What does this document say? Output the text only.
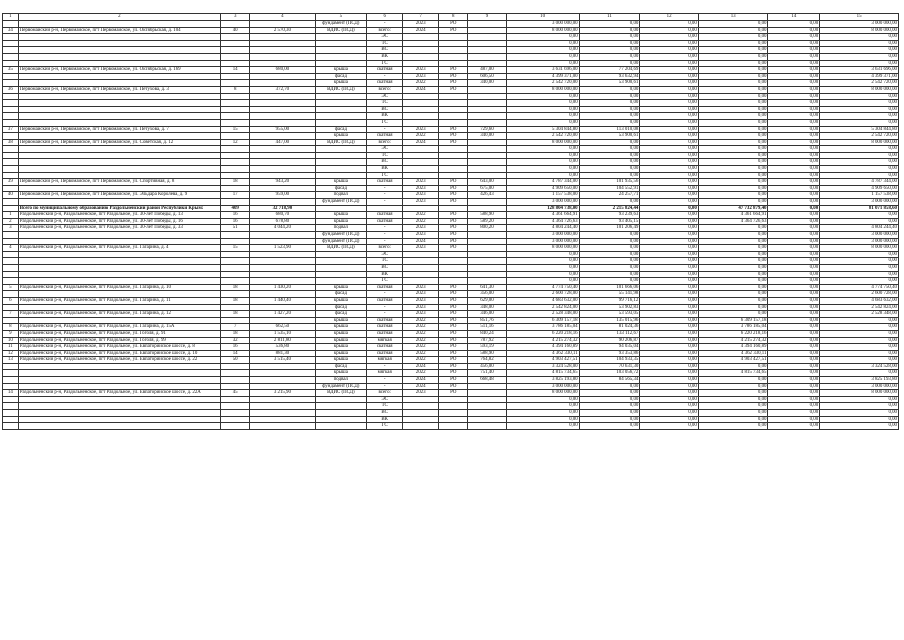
1	2	3	4	5	6	7	8	9	10	11	12	13	14	15
				фундамент (ПСД)	-	2023	РО		3 000 000,00	0,00	0,00	0,00	0,00	3 000 000,00
34	Первомайский р-н, Первомайское, пгт Первомайское, ул. Октябрьская, д. 104	40	2 570,30	ВДИС (ПСД)	всего:	2024	РО		8 000 000,00	0,00	0,00	0,00	0,00	8 000 000,00
					ЭС				0,00	0,00	0,00	0,00	0,00	0,00
					ТС				0,00	0,00	0,00	0,00	0,00	0,00
					ВС				0,00	0,00	0,00	0,00	0,00	0,00
					ВК				0,00	0,00	0,00	0,00	0,00	0,00
					ГС				0,00	0,00	0,00	0,00	0,00	0,00
35	Первомайский р-н, Первомайское, пгт Первомайское, ул. Октябрьская, д. 169	14	680,00	крыша	скатная	2023	РО	487,00	3 631 696,00	77 204,69	0,00	0,00	0,00	3 631 696,00
				фасад	-	2023	РО	606,50	4 399 371,00	93 632,94	0,00	0,00	0,00	4 399 371,00
				крыша	скатная	2022	РО	340,00	2 542 720,00	53 900,61	0,00	0,00	0,00	2 542 720,00
36	Первомайский р-н, Первомайское, пгт Первомайское, ул. Петухова, д. 3	8	372,70	ВДИС (ПСД)	всего:	2024	РО		8 000 000,00	0,00	0,00	0,00	0,00	8 000 000,00
					ЭС				0,00	0,00	0,00	0,00	0,00	0,00
					ТС				0,00	0,00	0,00	0,00	0,00	0,00
					ВС				0,00	0,00	0,00	0,00	0,00	0,00
					ВК				0,00	0,00	0,00	0,00	0,00	0,00
					ГС				0,00	0,00	0,00	0,00	0,00	0,00
37	Первомайский р-н, Первомайское, пгт Первомайское, ул. Петухова, д. 7	15	955,00	фасад	-	2023	РО	729,60	5 304 844,80	113 010,08	0,00	0,00	0,00	5 304 844,80
				крыша	скатная	2022	РО	340,00	2 542 720,00	53 900,61	0,00	0,00	0,00	2 542 720,00
38	Первомайский р-н, Первомайское, пгт Первомайское, ул. Советская, д. 12	12	447,00	ВДИС (ПСД)	всего:	2024	РО		8 000 000,00	0,00	0,00	0,00	0,00	8 000 000,00
					ЭС				0,00	0,00	0,00	0,00	0,00	0,00
					ТС				0,00	0,00	0,00	0,00	0,00	0,00
					ВС				0,00	0,00	0,00	0,00	0,00	0,00
					ВК				0,00	0,00	0,00	0,00	0,00	0,00
					ГС				0,00	0,00	0,00	0,00	0,00	0,00
39	Первомайский р-н, Первомайское, пгт Первомайское, ул. Спортивная, д. 8	18	943,20	крыша	скатная	2023	РО	643,00	4 787 344,00	101 935,56	0,00	0,00	0,00	4 787 344,00
				фасад	-	2023	РО	675,00	4 909 650,00	104 552,91	0,00	0,00	0,00	4 909 650,00
40	Первомайский р-н, Первомайское, пгт Первомайское, ул. Эльдара Королева, д. 9	17	959,00	подвал	-	2023	РО	426,43	1 157 538,00	24 257,71	0,00	0,00	0,00	1 157 538,00
				фундамент (ПСД)	-	2023	РО		3 000 000,00	0,00	0,00	0,00	0,00	3 000 000,00
	Всего по муниципальному образованию Раздольненский район Республики Крым:	409	32 718,90						128 804 738,00	2 215 824,44	0,00	47 732 879,40	0,00	81 071 858,60
1	Раздольненский р-н, Раздольненское, пгт Раздольное, ул. 30-лет Победы, д. 13	16	680,70	крыша	скатная	2022	РО	588,90	4 361 664,91	93 239,63	0,00	4 361 664,91	0,00	0,00
2	Раздольненский р-н, Раздольненское, пгт Раздольное, ул. 30-лет Победы, д. 16	16	678,80	крыша	скатная	2022	РО	589,20	4 364 726,63	93 405,15	0,00	4 364 726,63	0,00	0,00
3	Раздольненский р-н, Раздольненское, пгт Раздольное, ул. 30-лет Победы, д. 33	51	4 044,20	подвал	-	2023	РО	800,20	4 804 244,40	101 206,49	0,00	0,00	0,00	4 804 244,40
				фундамент (ПСД)	-	2023	РО		3 000 000,00	0,00	0,00	0,00	0,00	3 000 000,00
				фундамент (ПСД)	-	2024	РО		3 000 000,00	0,00	0,00	0,00	0,00	3 000 000,00
4	Раздольненский р-н, Раздольненское, пгт Раздольное, ул. Гагарина, д. 4	15	1 523,90	ВДИС (ПСД)	всего:	2023	РО		8 000 000,00	0,00	0,00	0,00	0,00	8 000 000,00
					ЭС				0,00	0,00	0,00	0,00	0,00	0,00
					ТС				0,00	0,00	0,00	0,00	0,00	0,00
					ВС				0,00	0,00	0,00	0,00	0,00	0,00
					ВК				0,00	0,00	0,00	0,00	0,00	0,00
					ГС				0,00	0,00	0,00	0,00	0,00	0,00
5	Раздольненский р-н, Раздольненское, пгт Раздольное, ул. Гагарина, д. 10	18	1 430,20	крыша	скатная	2023	РО	641,30	4 774 750,40	101 666,06	0,00	0,00	0,00	4 774 750,40
				фасад	-	2023	РО	356,00	2 600 728,00	55 141,98	0,00	0,00	0,00	2 600 728,00
6	Раздольненский р-н, Раздольненское, пгт Раздольное, ул. Гагарина, д. 11	18	1 440,40	крыша	скатная	2023	РО	629,00	4 683 632,00	99 716,12	0,00	0,00	0,00	4 683 632,00
				фасад	-	2023	РО	348,00	2 542 824,00	53 902,83	0,00	0,00	0,00	2 542 824,00
7	Раздольненский р-н, Раздольненское, пгт Раздольное, ул. Гагарина, д. 12	18	1 427,20	фасад	-	2023	РО	346,00	2 528 348,00	53 593,05	0,00	0,00	0,00	2 528 348,00
				крыша	скатная	2022	РО	851,76	6 309 157,18	135 015,96	0,00	6 309 157,18	0,00	0,00
8	Раздольненский р-н, Раздольненское, пгт Раздольное, ул. Гагарина, д. 15А	7	662,50	крыша	скатная	2022	РО	511,16	3 786 185,04	81 024,36	0,00	3 786 185,04	0,00	0,00
9	Раздольненский р-н, Раздольненское, пгт Раздольное, ул. Гоголя, д. 91	18	1 535,10	крыша	скатная	2022	РО	840,24	6 220 218,16	133 112,67	0,00	6 220 218,16	0,00	0,00
10	Раздольненский р-н, Раздольненское, пгт Раздольное, ул. Гоголя, д. 99	32	2 811,80	крыша	мягкая	2022	РО	787,92	4 215 274,32	90 206,87	0,00	4 215 274,32	0,00	0,00
11	Раздольненский р-н, Раздольненское, пгт Раздольное, ул. Евпаторийское шоссе, д. 8	16	536,80	крыша	скатная	2022	РО	593,19	4 394 160,89	94 035,04	0,00	4 394 160,89	0,00	0,00
12	Раздольненский р-н, Раздольненское, пгт Раздольное, ул. Евпаторийское шоссе, д. 10	14	881,30	крыша	скатная	2022	РО	588,90	4 362 330,11	93 353,86	0,00	4 362 330,11	0,00	0,00
13	Раздольненский р-н, Раздольненское, пгт Раздольное, ул. Евпаторийское шоссе, д. 22	50	3 515,40	крыша	мягкая	2022	РО	764,82	4 903 427,51	104 933,35	0,00	4 903 427,51	0,00	0,00
				фасад	-	2024	РО	456,00	3 324 528,00	70 631,30	0,00	0,00	0,00	3 324 528,00
				крыша	мягкая	2022	РО	751,40	4 815 734,65	103 056,72	0,00	4 815 734,65	0,00	0,00
				подвал	-	2024	РО	668,48	3 825 193,80	84 565,34	0,00	0,00	0,00	3 825 193,80
				фундамент (ПСД)	-	2024	РО		3 000 000,00	0,00	0,00	0,00	0,00	3 000 000,00
14	Раздольненский р-н, Раздольненское, пгт Раздольное, ул. Евпаторийское шоссе, д. 22А	45	3 215,90	ВДИС (ПСД)	всего:	2023	РО		8 000 000,00	0,00	0,00	0,00	0,00	8 000 000,00
					ЭС				0,00	0,00	0,00	0,00	0,00	0,00
					ТС				0,00	0,00	0,00	0,00	0,00	0,00
					ВС				0,00	0,00	0,00	0,00	0,00	0,00
					ВК				0,00	0,00	0,00	0,00	0,00	0,00
					ГС				0,00	0,00	0,00	0,00	0,00	0,00
